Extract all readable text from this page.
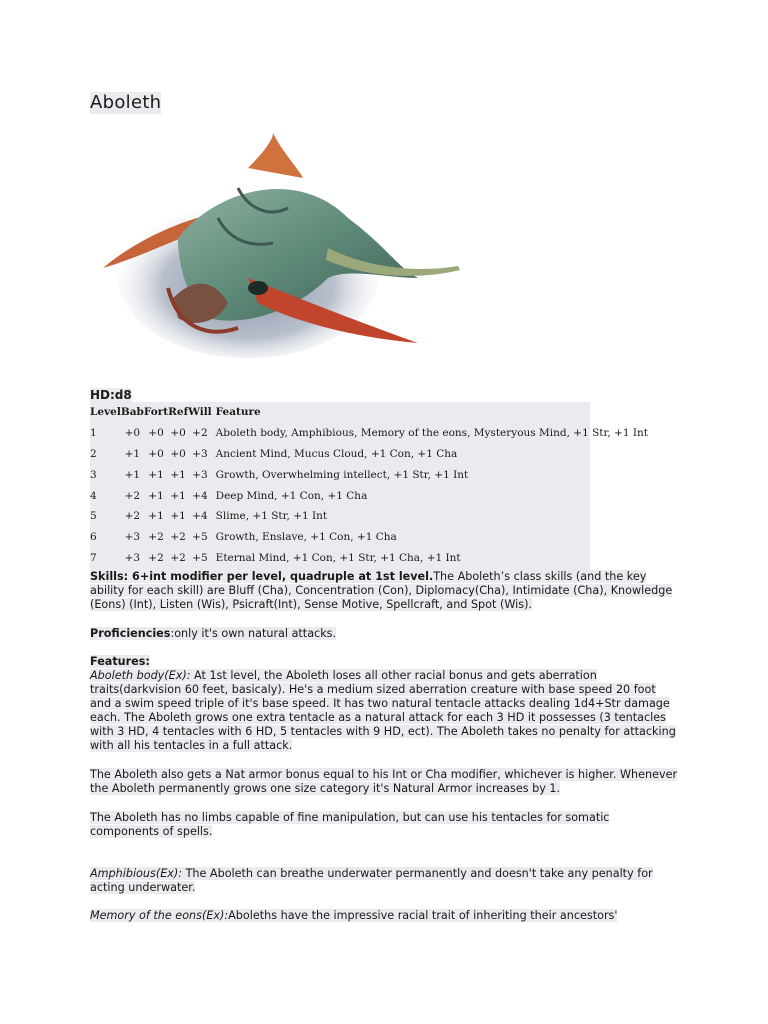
Aboleth
HD:d8
Level	Bab	Fort	Ref	Will	Feature
1	+0	+0	+0	+2	Aboleth body, Amphibious, Memory of the eons, Mysteryous Mind, +1 Str, +1 Int
2	+1	+0	+0	+3	Ancient Mind, Mucus Cloud, +1 Con, +1 Cha
3	+1	+1	+1	+3	Growth, Overwhelming intellect, +1 Str, +1 Int
4	+2	+1	+1	+4	Deep Mind, +1 Con, +1 Cha
5	+2	+1	+1	+4	Slime, +1 Str, +1 Int
6	+3	+2	+2	+5	Growth, Enslave, +1 Con, +1 Cha
7	+3	+2	+2	+5	Eternal Mind, +1 Con, +1 Str, +1 Cha, +1 Int
Skills: 6+int modifier per level, quadruple at 1st level.The Aboleth’s class skills (and the key ability for each skill) are Bluff (Cha), Concentration (Con), Diplomacy(Cha), Intimidate (Cha), Knowledge (Eons) (Int), Listen (Wis), Psicraft(Int), Sense Motive, Spellcraft, and Spot (Wis).
Proficiencies:only it's own natural attacks.
Features:
Aboleth body(Ex): At 1st level, the Aboleth loses all other racial bonus and gets aberration traits(darkvision 60 feet, basicaly). He's a medium sized aberration creature with base speed 20 foot and a swim speed triple of it's base speed. It has two natural tentacle attacks dealing 1d4+Str damage each. The Aboleth grows one extra tentacle as a natural attack for each 3 HD it possesses (3 tentacles with 3 HD, 4 tentacles with 6 HD, 5 tentacles with 9 HD, ect). The Aboleth takes no penalty for attacking with all his tentacles in a full attack.
The Aboleth also gets a Nat armor bonus equal to his Int or Cha modifier, whichever is higher. Whenever the Aboleth permanently grows one size category it's Natural Armor increases by 1.
The Aboleth has no limbs capable of fine manipulation, but can use his tentacles for somatic components of spells.
Amphibious(Ex): The Aboleth can breathe underwater permanently and doesn't take any penalty for acting underwater.
Memory of the eons(Ex):Aboleths have the impressive racial trait of inheriting their ancestors'
